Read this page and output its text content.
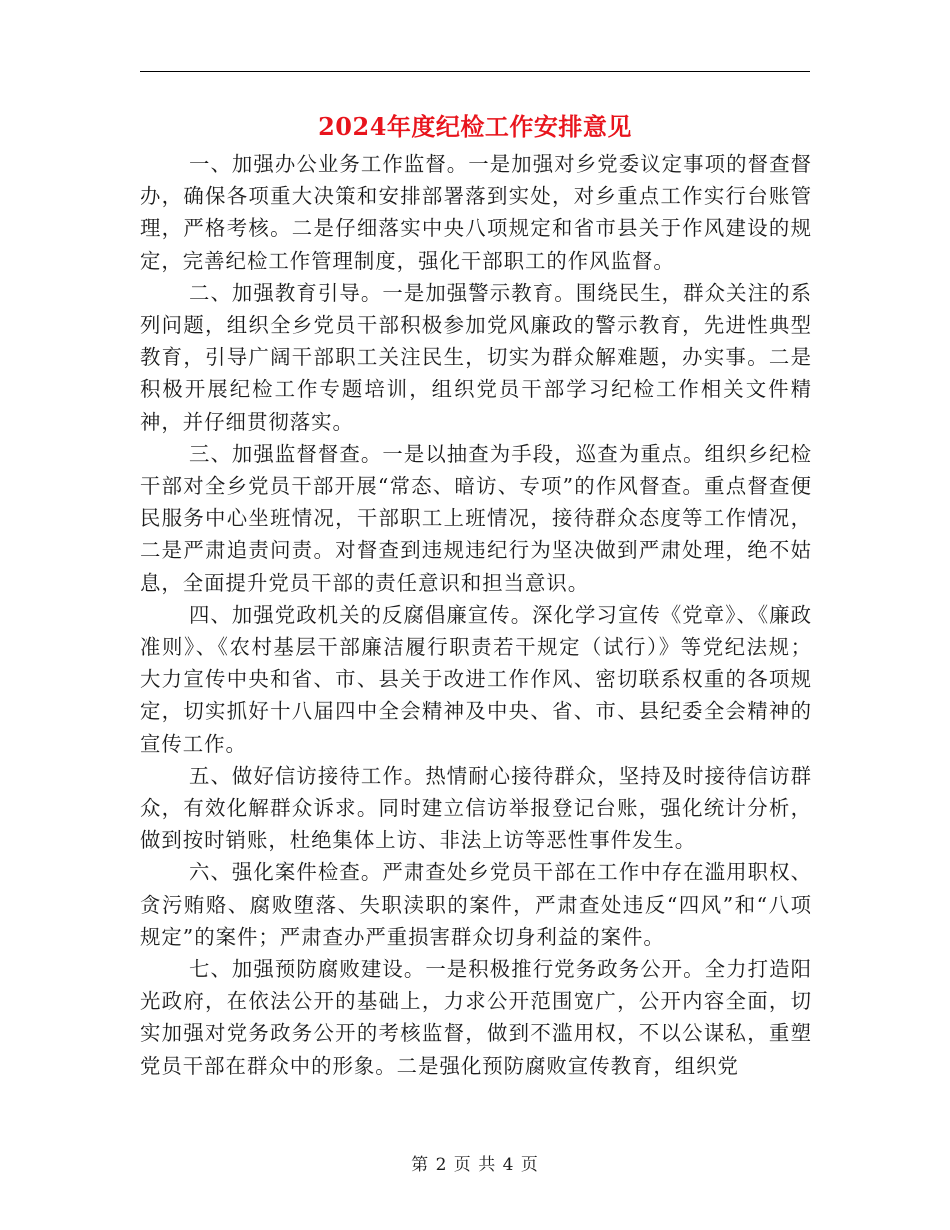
2024年度纪检工作安排意见

一、加强办公业务工作监督。一是加强对乡党委议定事项的督查督办，确保各项重大决策和安排部署落到实处，对乡重点工作实行台账管理，严格考核。二是仔细落实中央八项规定和省市县关于作风建设的规定，完善纪检工作管理制度，强化干部职工的作风监督。

二、加强教育引导。一是加强警示教育。围绕民生，群众关注的系列问题，组织全乡党员干部积极参加党风廉政的警示教育，先进性典型教育，引导广阔干部职工关注民生，切实为群众解难题，办实事。二是积极开展纪检工作专题培训，组织党员干部学习纪检工作相关文件精神，并仔细贯彻落实。

三、加强监督督查。一是以抽查为手段，巡查为重点。组织乡纪检干部对全乡党员干部开展“常态、暗访、专项”的作风督查。重点督查便民服务中心坐班情况，干部职工上班情况，接待群众态度等工作情况，二是严肃追责问责。对督查到违规违纪行为坚决做到严肃处理，绝不姑息，全面提升党员干部的责任意识和担当意识。

四、加强党政机关的反腐倡廉宣传。深化学习宣传《党章》、《廉政准则》、《农村基层干部廉洁履行职责若干规定（试行）》等党纪法规；大力宣传中央和省、市、县关于改进工作作风、密切联系权重的各项规定，切实抓好十八届四中全会精神及中央、省、市、县纪委全会精神的宣传工作。

五、做好信访接待工作。热情耐心接待群众，坚持及时接待信访群众，有效化解群众诉求。同时建立信访举报登记台账，强化统计分析，做到按时销账，杜绝集体上访、非法上访等恶性事件发生。

六、强化案件检查。严肃查处乡党员干部在工作中存在滥用职权、贪污贿赂、腐败堕落、失职渎职的案件，严肃查处违反“四风”和“八项规定”的案件；严肃查办严重损害群众切身利益的案件。

七、加强预防腐败建设。一是积极推行党务政务公开。全力打造阳光政府，在依法公开的基础上，力求公开范围宽广，公开内容全面，切实加强对党务政务公开的考核监督，做到不滥用权，不以公谋私，重塑党员干部在群众中的形象。二是强化预防腐败宣传教育，组织党

第 2 页 共 4 页
